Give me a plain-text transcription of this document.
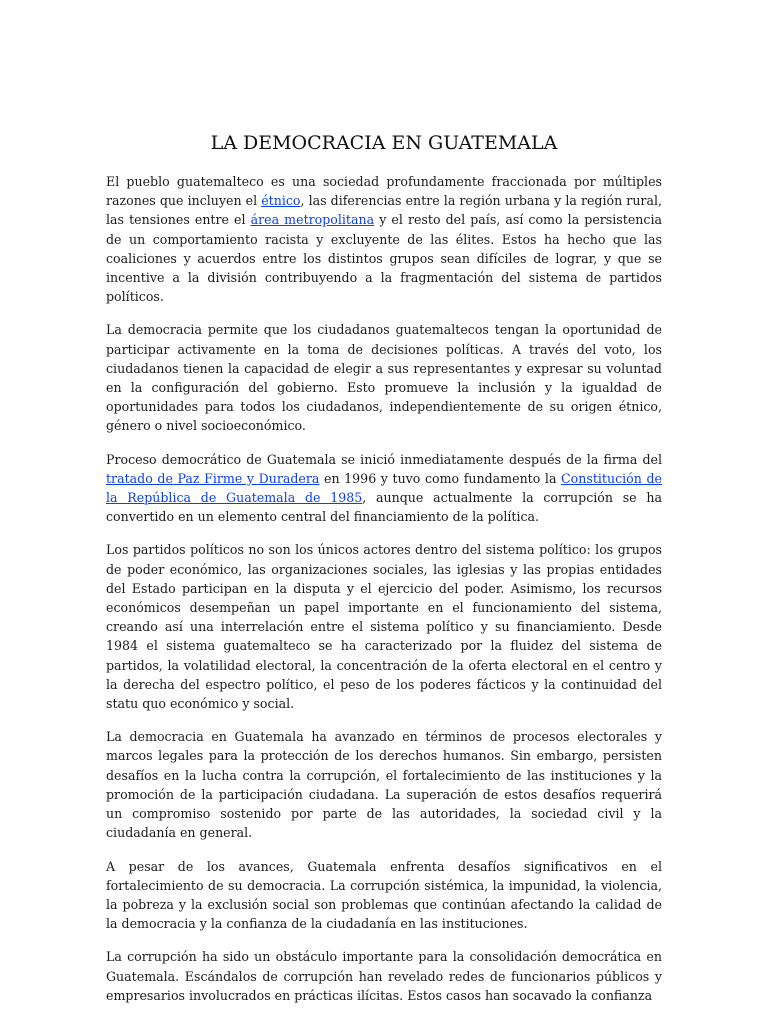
LA DEMOCRACIA EN GUATEMALA

El pueblo guatemalteco es una sociedad profundamente fraccionada por múltiples razones que incluyen el étnico, las diferencias entre la región urbana y la región rural, las tensiones entre el área metropolitana y el resto del país, así como la persistencia de un comportamiento racista y excluyente de las élites. Estos ha hecho que las coaliciones y acuerdos entre los distintos grupos sean difíciles de lograr, y que se incentive a la división contribuyendo a la fragmentación del sistema de partidos políticos.

La democracia permite que los ciudadanos guatemaltecos tengan la oportunidad de participar activamente en la toma de decisiones políticas. A través del voto, los ciudadanos tienen la capacidad de elegir a sus representantes y expresar su voluntad en la configuración del gobierno. Esto promueve la inclusión y la igualdad de oportunidades para todos los ciudadanos, independientemente de su origen étnico, género o nivel socioeconómico.

Proceso democrático de Guatemala se inició inmediatamente después de la firma del tratado de Paz Firme y Duradera en 1996 y tuvo como fundamento la Constitución de la República de Guatemala de 1985, aunque actualmente la corrupción se ha convertido en un elemento central del financiamiento de la política.

Los partidos políticos no son los únicos actores dentro del sistema político: los grupos de poder económico, las organizaciones sociales, las iglesias y las propias entidades del Estado participan en la disputa y el ejercicio del poder. Asimismo, los recursos económicos desempeñan un papel importante en el funcionamiento del sistema, creando así una interrelación entre el sistema político y su financiamiento. Desde 1984 el sistema guatemalteco se ha caracterizado por la fluidez del sistema de partidos, la volatilidad electoral, la concentración de la oferta electoral en el centro y la derecha del espectro político, el peso de los poderes fácticos y la continuidad del statu quo económico y social.

La democracia en Guatemala ha avanzado en términos de procesos electorales y marcos legales para la protección de los derechos humanos. Sin embargo, persisten desafíos en la lucha contra la corrupción, el fortalecimiento de las instituciones y la promoción de la participación ciudadana. La superación de estos desafíos requerirá un compromiso sostenido por parte de las autoridades, la sociedad civil y la ciudadanía en general.

A pesar de los avances, Guatemala enfrenta desafíos significativos en el fortalecimiento de su democracia. La corrupción sistémica, la impunidad, la violencia, la pobreza y la exclusión social son problemas que continúan afectando la calidad de la democracia y la confianza de la ciudadanía en las instituciones.

La corrupción ha sido un obstáculo importante para la consolidación democrática en Guatemala. Escándalos de corrupción han revelado redes de funcionarios públicos y empresarios involucrados en prácticas ilícitas. Estos casos han socavado la confianza
